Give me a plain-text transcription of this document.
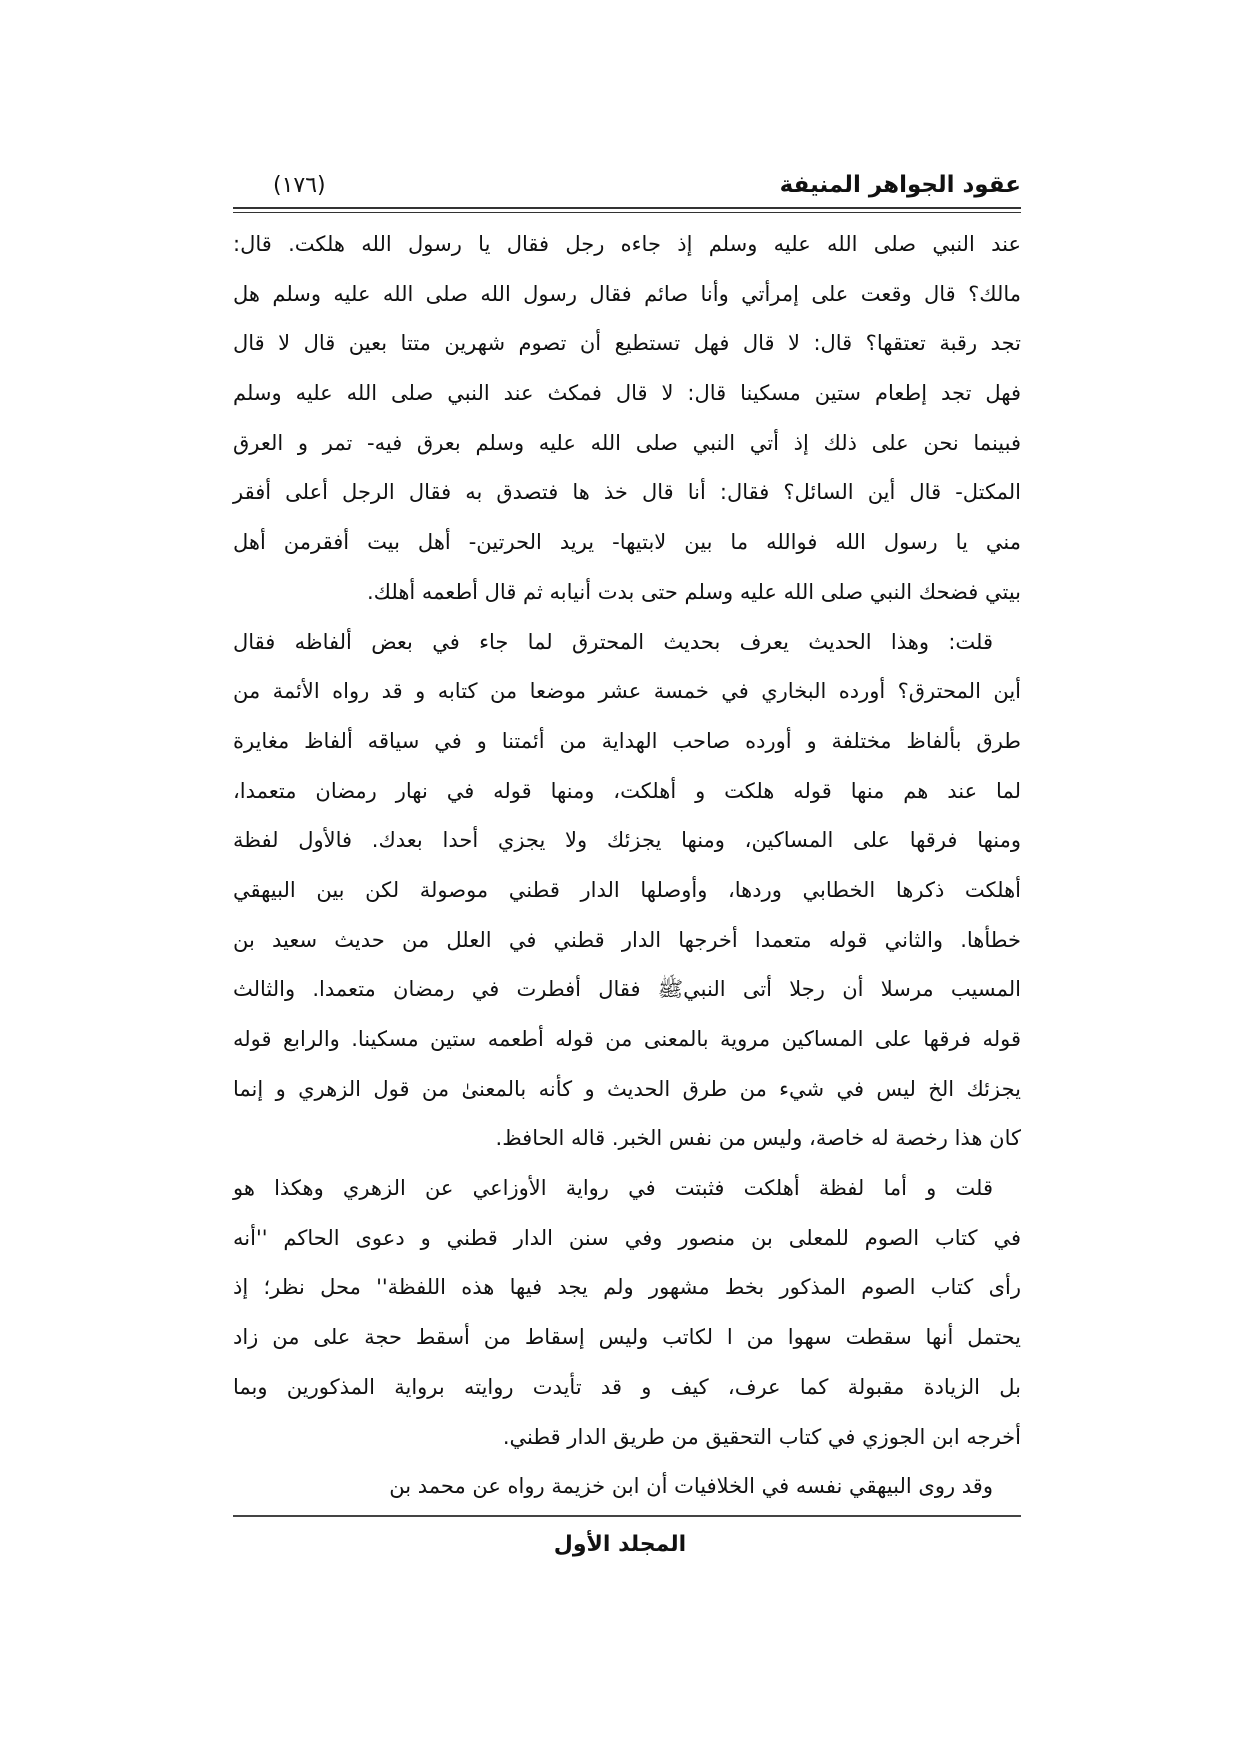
عقود الجواهر المنيفة
(١٧٦)
عند النبي صلى الله عليه وسلم إذ جاءه رجل فقال يا رسول الله هلكت. قال:
مالك؟ قال وقعت على إمرأتي وأنا صائم فقال رسول الله صلى الله عليه وسلم هل
تجد رقبة تعتقها؟ قال: لا قال فهل تستطيع أن تصوم شهرين متتا بعين قال لا قال
فهل تجد إطعام ستين مسكينا قال: لا قال فمكث عند النبي صلى الله عليه وسلم
فبينما نحن على ذلك إذ أتي النبي صلى الله عليه وسلم بعرق فيه- تمر و العرق
المكتل- قال أين السائل؟ فقال: أنا قال خذ ها فتصدق به فقال الرجل أعلى أفقر
مني يا رسول الله فوالله ما بين لابتيها- يريد الحرتين- أهل بيت أفقرمن أهل
بيتي فضحك النبي صلى الله عليه وسلم حتى بدت أنيابه ثم قال أطعمه أهلك.
قلت: وهذا الحديث يعرف بحديث المحترق لما جاء في بعض ألفاظه فقال
أين المحترق؟ أورده البخاري في خمسة عشر موضعا من كتابه و قد رواه الأئمة من
طرق بألفاظ مختلفة و أورده صاحب الهداية من أئمتنا و في سياقه ألفاظ مغايرة
لما عند هم منها قوله هلكت و أهلكت، ومنها قوله في نهار رمضان متعمدا،
ومنها فرقها على المساكين، ومنها يجزئك ولا يجزي أحدا بعدك. فالأول لفظة
أهلكت ذكرها الخطابي وردها، وأوصلها الدار قطني موصولة لكن بين البيهقي
خطأها. والثاني قوله متعمدا أخرجها الدار قطني في العلل من حديث سعيد بن
المسيب مرسلا أن رجلا أتى النبيﷺ فقال أفطرت في رمضان متعمدا. والثالث
قوله فرقها على المساكين مروية بالمعنى من قوله أطعمه ستين مسكينا. والرابع قوله
يجزئك الخ ليس في شيء من طرق الحديث و كأنه بالمعنىٰ من قول الزهري و إنما
كان هذا رخصة له خاصة، وليس من نفس الخبر. قاله الحافظ.
قلت و أما لفظة أهلكت فثبتت في رواية الأوزاعي عن الزهري وهكذا هو
في كتاب الصوم للمعلى بن منصور وفي سنن الدار قطني و دعوى الحاكم ''أنه
رأى كتاب الصوم المذكور بخط مشهور ولم يجد فيها هذه اللفظة'' محل نظر؛ إذ
يحتمل أنها سقطت سهوا من ا لكاتب وليس إسقاط من أسقط حجة على من زاد
بل الزيادة مقبولة كما عرف، كيف و قد تأيدت روايته برواية المذكورين وبما
أخرجه ابن الجوزي في كتاب التحقيق من طريق الدار قطني.
وقد روى البيهقي نفسه في الخلافيات أن ابن خزيمة رواه عن محمد بن
المجلد الأول
